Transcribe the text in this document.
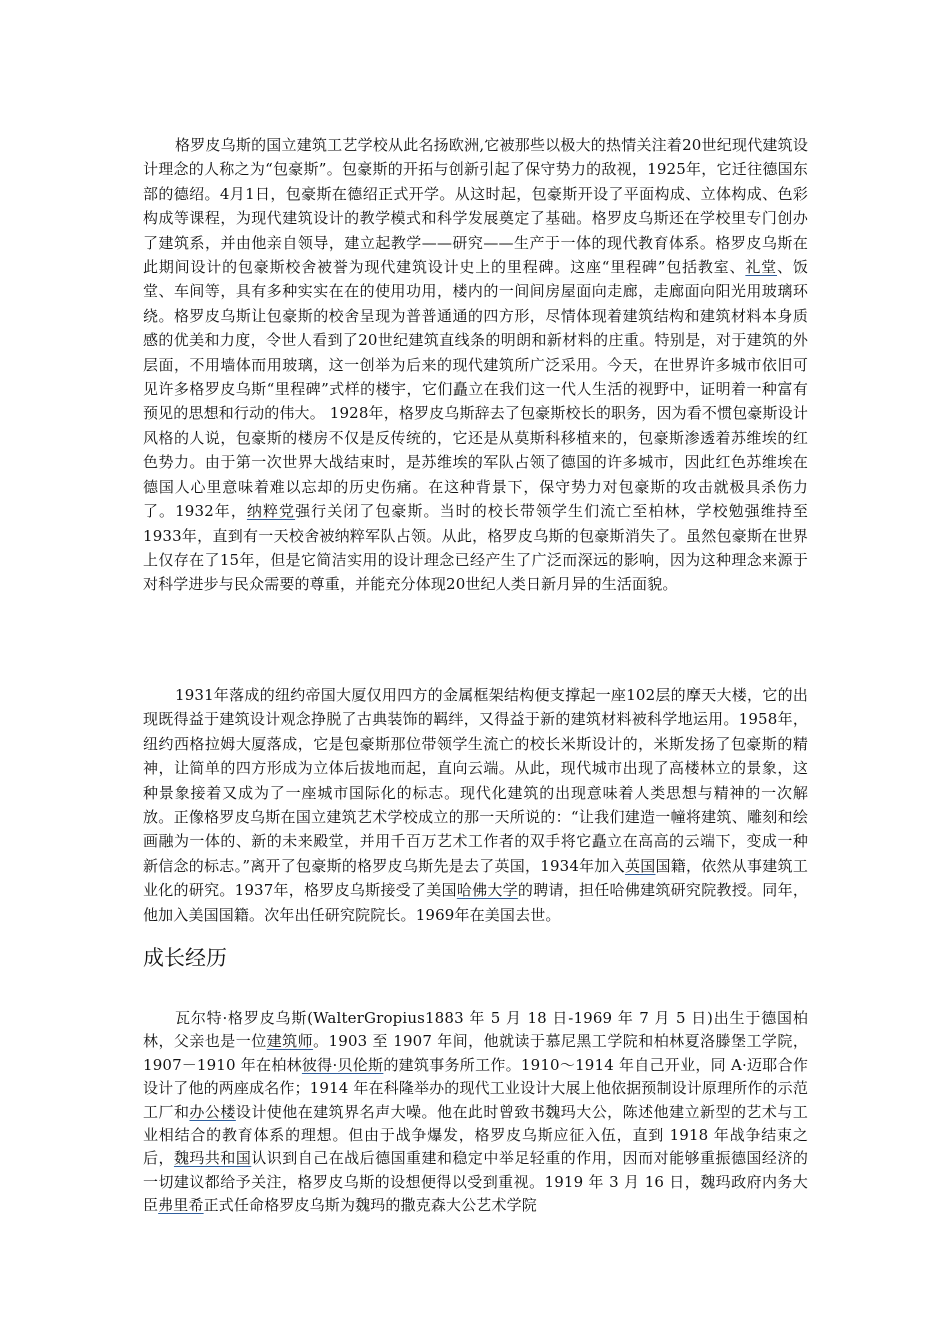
格罗皮乌斯的国立建筑工艺学校从此名扬欧洲,它被那些以极大的热情关注着20世纪现代建筑设计理念的人称之为“包豪斯”。包豪斯的开拓与创新引起了保守势力的敌视，1925年，它迁往德国东部的德绍。4月1日，包豪斯在德绍正式开学。从这时起，包豪斯开设了平面构成、立体构成、色彩构成等课程，为现代建筑设计的教学模式和科学发展奠定了基础。格罗皮乌斯还在学校里专门创办了建筑系，并由他亲自领导，建立起教学——研究——生产于一体的现代教育体系。格罗皮乌斯在此期间设计的包豪斯校舍被誉为现代建筑设计史上的里程碑。这座“里程碑”包括教室、礼堂、饭堂、车间等，具有多种实实在在的使用功用，楼内的一间间房屋面向走廊，走廊面向阳光用玻璃环绕。格罗皮乌斯让包豪斯的校舍呈现为普普通通的四方形，尽情体现着建筑结构和建筑材料本身质感的优美和力度，令世人看到了20世纪建筑直线条的明朗和新材料的庄重。特别是，对于建筑的外层面，不用墙体而用玻璃，这一创举为后来的现代建筑所广泛采用。今天，在世界许多城市依旧可见许多格罗皮乌斯“里程碑”式样的楼宇，它们矗立在我们这一代人生活的视野中，证明着一种富有预见的思想和行动的伟大。 1928年，格罗皮乌斯辞去了包豪斯校长的职务，因为看不惯包豪斯设计风格的人说，包豪斯的楼房不仅是反传统的，它还是从莫斯科移植来的，包豪斯渗透着苏维埃的红色势力。由于第一次世界大战结束时，是苏维埃的军队占领了德国的许多城市，因此红色苏维埃在德国人心里意味着难以忘却的历史伤痛。在这种背景下，保守势力对包豪斯的攻击就极具杀伤力了。1932年，纳粹党强行关闭了包豪斯。当时的校长带领学生们流亡至柏林，学校勉强维持至1933年，直到有一天校舍被纳粹军队占领。从此，格罗皮乌斯的包豪斯消失了。虽然包豪斯在世界上仅存在了15年，但是它简洁实用的设计理念已经产生了广泛而深远的影响，因为这种理念来源于对科学进步与民众需要的尊重，并能充分体现20世纪人类日新月异的生活面貌。

1931年落成的纽约帝国大厦仅用四方的金属框架结构便支撑起一座102层的摩天大楼，它的出现既得益于建筑设计观念挣脱了古典装饰的羁绊，又得益于新的建筑材料被科学地运用。1958年，纽约西格拉姆大厦落成，它是包豪斯那位带领学生流亡的校长米斯设计的，米斯发扬了包豪斯的精神，让简单的四方形成为立体后拔地而起，直向云端。从此，现代城市出现了高楼林立的景象，这种景象接着又成为了一座城市国际化的标志。现代化建筑的出现意味着人类思想与精神的一次解放。正像格罗皮乌斯在国立建筑艺术学校成立的那一天所说的：“让我们建造一幢将建筑、雕刻和绘画融为一体的、新的未来殿堂，并用千百万艺术工作者的双手将它矗立在高高的云端下，变成一种新信念的标志。”离开了包豪斯的格罗皮乌斯先是去了英国，1934年加入英国国籍，依然从事建筑工业化的研究。1937年，格罗皮乌斯接受了美国哈佛大学的聘请，担任哈佛建筑研究院教授。同年，他加入美国国籍。次年出任研究院院长。1969年在美国去世。

成长经历

瓦尔特·格罗皮乌斯(WalterGropius1883 年 5 月 18 日-1969 年 7 月 5 日)出生于德国柏林，父亲也是一位建筑师。1903 至 1907 年间，他就读于慕尼黑工学院和柏林夏洛滕堡工学院，1907－1910 年在柏林彼得·贝伦斯的建筑事务所工作。1910～1914 年自己开业，同 A·迈耶合作设计了他的两座成名作；1914 年在科隆举办的现代工业设计大展上他依据预制设计原理所作的示范工厂和办公楼设计使他在建筑界名声大噪。他在此时曾致书魏玛大公，陈述他建立新型的艺术与工业相结合的教育体系的理想。但由于战争爆发，格罗皮乌斯应征入伍，直到 1918 年战争结束之后，魏玛共和国认识到自己在战后德国重建和稳定中举足轻重的作用，因而对能够重振德国经济的一切建议都给予关注，格罗皮乌斯的设想便得以受到重视。1919 年 3 月 16 日，魏玛政府内务大臣弗里希正式任命格罗皮乌斯为魏玛的撒克森大公艺术学院
